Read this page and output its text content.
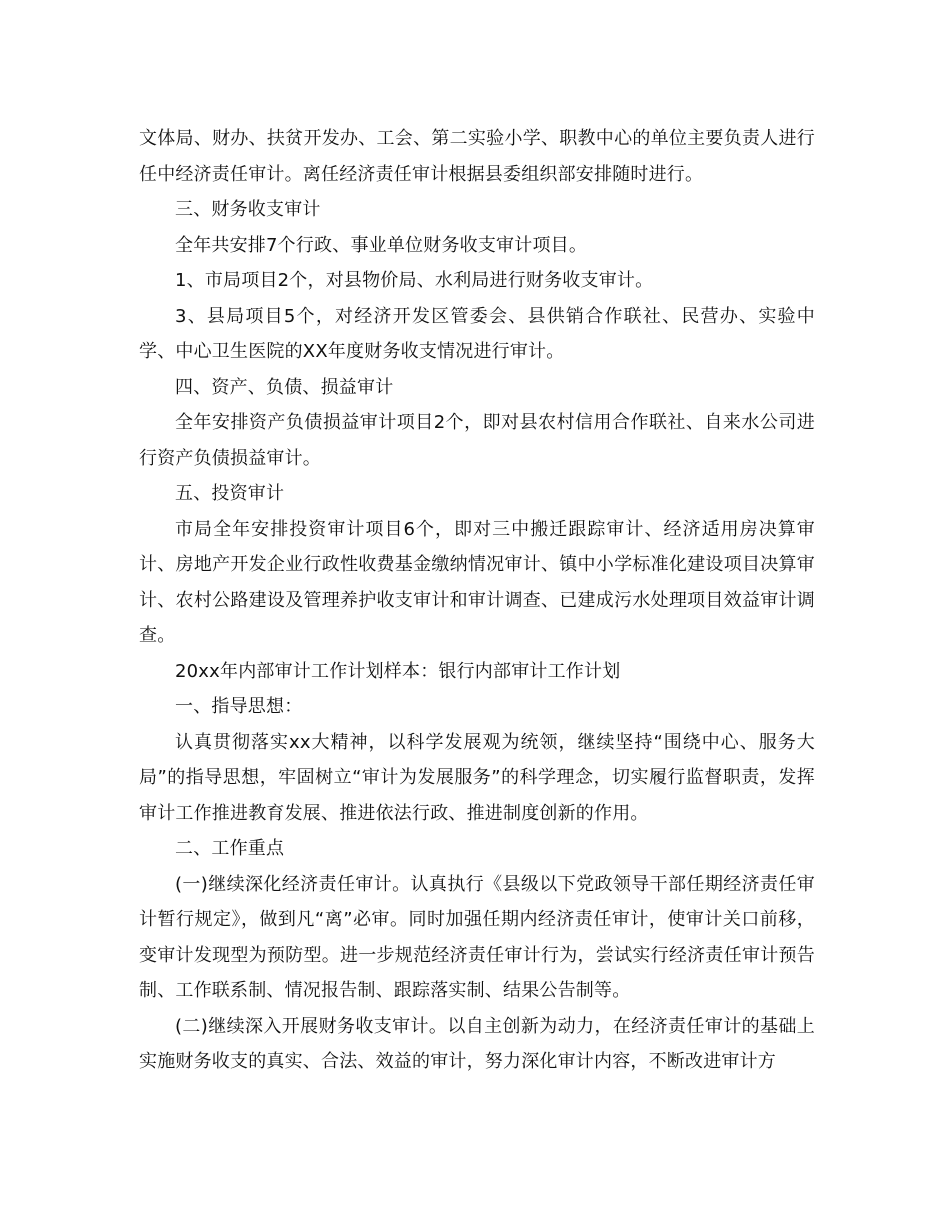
文体局、财办、扶贫开发办、工会、第二实验小学、职教中心的单位主要负责人进行任中经济责任审计。离任经济责任审计根据县委组织部安排随时进行。

三、财务收支审计

全年共安排7个行政、事业单位财务收支审计项目。

1、市局项目2个，对县物价局、水利局进行财务收支审计。

3、县局项目5个，对经济开发区管委会、县供销合作联社、民营办、实验中学、中心卫生医院的XX年度财务收支情况进行审计。

四、资产、负债、损益审计

全年安排资产负债损益审计项目2个，即对县农村信用合作联社、自来水公司进行资产负债损益审计。

五、投资审计

市局全年安排投资审计项目6个，即对三中搬迁跟踪审计、经济适用房决算审计、房地产开发企业行政性收费基金缴纳情况审计、镇中小学标准化建设项目决算审计、农村公路建设及管理养护收支审计和审计调查、已建成污水处理项目效益审计调查。

20xx年内部审计工作计划样本：银行内部审计工作计划

一、指导思想：

认真贯彻落实xx大精神，以科学发展观为统领，继续坚持“围绕中心、服务大局”的指导思想，牢固树立“审计为发展服务”的科学理念，切实履行监督职责，发挥审计工作推进教育发展、推进依法行政、推进制度创新的作用。

二、工作重点

(一)继续深化经济责任审计。认真执行《县级以下党政领导干部任期经济责任审计暂行规定》，做到凡“离”必审。同时加强任期内经济责任审计，使审计关口前移，变审计发现型为预防型。进一步规范经济责任审计行为，尝试实行经济责任审计预告制、工作联系制、情况报告制、跟踪落实制、结果公告制等。

(二)继续深入开展财务收支审计。以自主创新为动力，在经济责任审计的基础上实施财务收支的真实、合法、效益的审计，努力深化审计内容，不断改进审计方
